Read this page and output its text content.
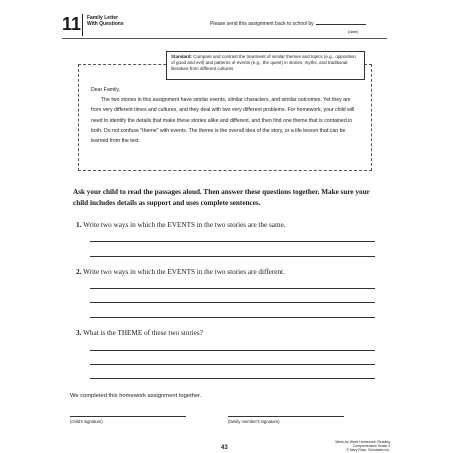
11 Family Letter
With Questions	Please send this assignment back to school by
(date)
Standard: Compare and contrast the treatment of similar themes and topics (e.g., opposition of good and evil) and patterns of events (e.g., the quest) in stories, myths, and traditional literature from different cultures

Dear Family,

The two stories in this assignment have similar events, similar characters, and similar outcomes. Yet they are from very different times and cultures, and they deal with two very different problems. For homework, your child will need to identify the details that make these stories alike and different, and then find one theme that is contained in both. Do not confuse "theme" with events. The theme is the overall idea of the story, or a life lesson that can be learned from the text.

Ask your child to read the passages aloud. Then answer these questions together. Make sure your child includes details as support and uses complete sentences.
1. Write two ways in which the EVENTS in the two stories are the same.
2. Write two ways in which the EVENTS in the two stories are different.
3. What is the THEME of these two stories?
We completed this homework assignment together.
(child's signature)	(family member's signature)
43
Week-by-Week Homework: Reading Comprehension Grade 4
© Mary Rose, Scholastic Inc.
